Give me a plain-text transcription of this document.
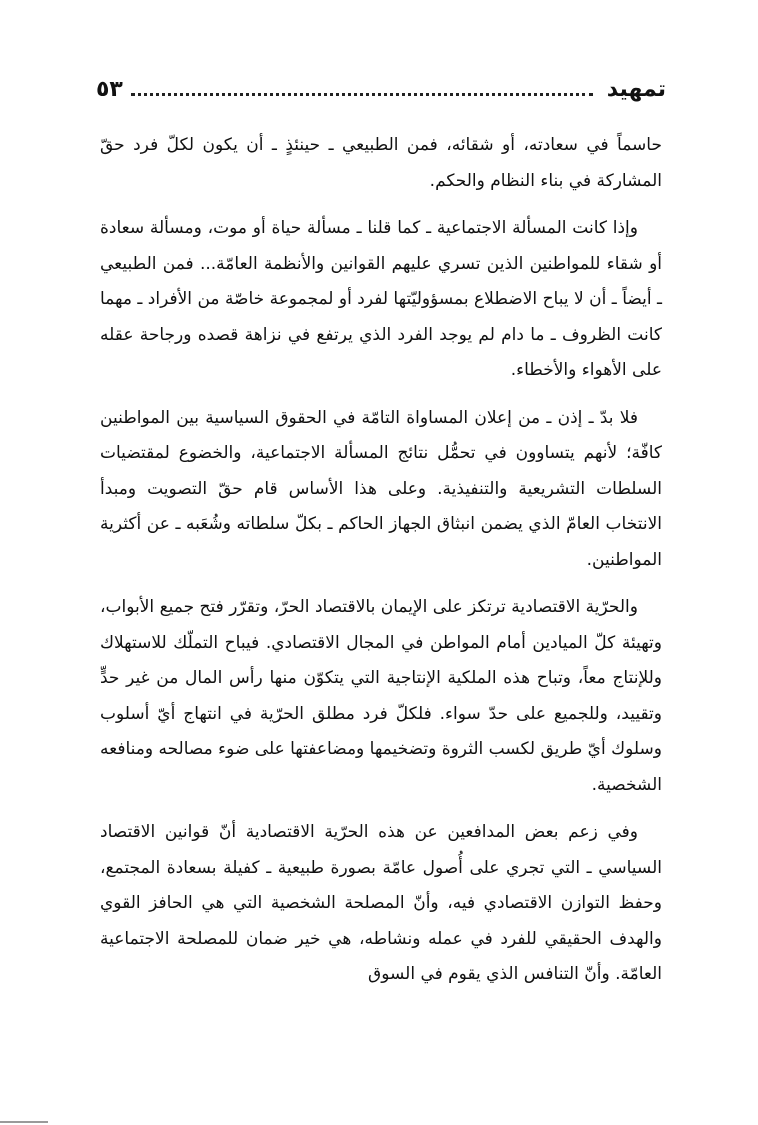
تمهيد
٥٣

حاسماً في سعادته، أو شقائه، فمن الطبيعي ـ حينئذٍ ـ أن يكون لكلّ فرد حقّ المشاركة في بناء النظام والحكم.

وإذا كانت المسألة الاجتماعية ـ كما قلنا ـ مسألة حياة أو موت، ومسألة سعادة أو شقاء للمواطنين الذين تسري عليهم القوانين والأنظمة العامّة... فمن الطبيعي ـ أيضاً ـ أن لا يباح الاضطلاع بمسؤوليّتها لفرد أو لمجموعة خاصّة من الأفراد ـ مهما كانت الظروف ـ ما دام لم يوجد الفرد الذي يرتفع في نزاهة قصده ورجاحة عقله على الأهواء والأخطاء.

فلا بدّ ـ إذن ـ من إعلان المساواة التامّة في الحقوق السياسية بين المواطنين كافّة؛ لأنهم يتساوون في تحمُّل نتائج المسألة الاجتماعية، والخضوع لمقتضيات السلطات التشريعية والتنفيذية. وعلى هذا الأساس قام حقّ التصويت ومبدأ الانتخاب العامّ الذي يضمن انبثاق الجهاز الحاكم ـ بكلّ سلطاته وشُعَبه ـ عن أكثرية المواطنين.

والحرّية الاقتصادية ترتكز على الإيمان بالاقتصاد الحرّ، وتقرّر فتح جميع الأبواب، وتهيئة كلّ الميادين أمام المواطن في المجال الاقتصادي. فيباح التملّك للاستهلاك وللإنتاج معاً، وتباح هذه الملكية الإنتاجية التي يتكوّن منها رأس المال من غير حدٍّ وتقييد، وللجميع على حدّ سواء. فلكلّ فرد مطلق الحرّية في انتهاج أيّ أسلوب وسلوك أيّ طريق لكسب الثروة وتضخيمها ومضاعفتها على ضوء مصالحه ومنافعه الشخصية.

وفي زعم بعض المدافعين عن هذه الحرّية الاقتصادية أنّ قوانين الاقتصاد السياسي ـ التي تجري على أُصول عامّة بصورة طبيعية ـ كفيلة بسعادة المجتمع، وحفظ التوازن الاقتصادي فيه، وأنّ المصلحة الشخصية التي هي الحافز القوي والهدف الحقيقي للفرد في عمله ونشاطه، هي خير ضمان للمصلحة الاجتماعية العامّة. وأنّ التنافس الذي يقوم في السوق
